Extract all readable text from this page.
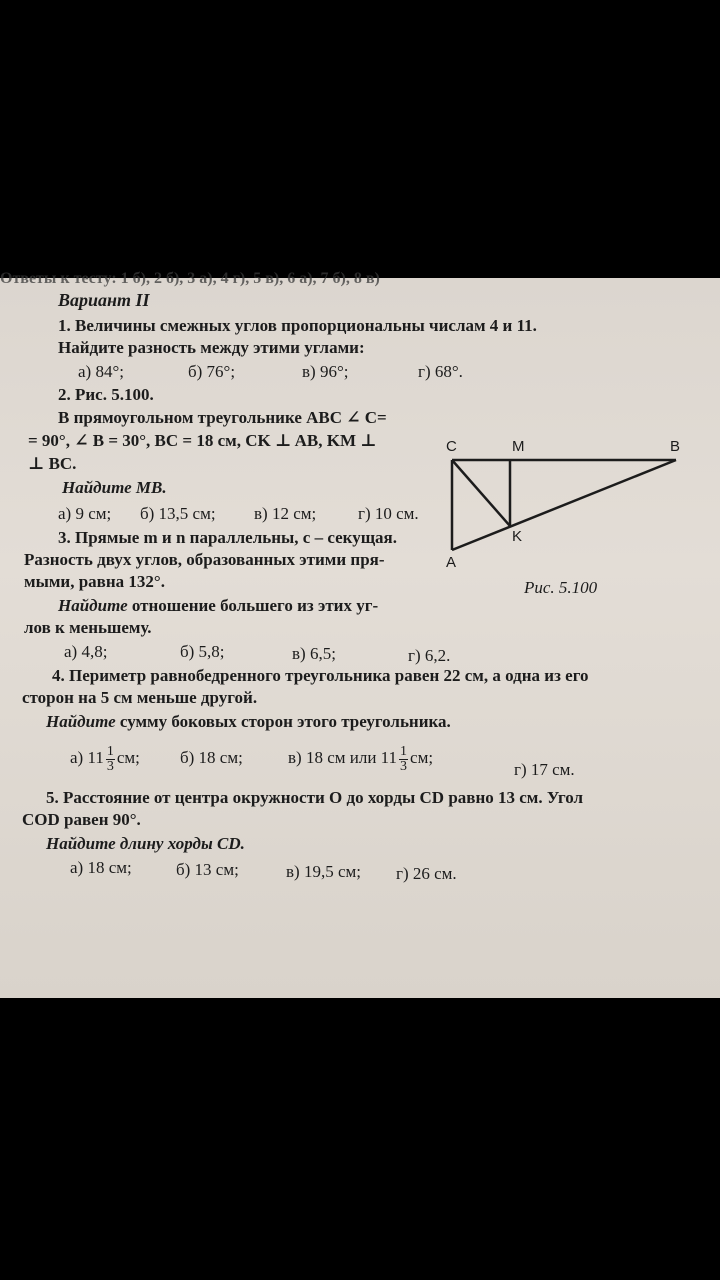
Ответы к тесту: 1 б), 2 б), 3 а), 4 г), 5 в), 6 а), 7 б), 8 в)
Вариант II
1. Величины смежных углов пропорциональны числам 4 и 11.
Найдите разность между этими углами:
а) 84°;	б) 76°;	в) 96°;	г) 68°.
2. Рис. 5.100.
В прямоугольном треугольнике ABC ∠ C=
= 90°, ∠ B = 30°, BC = 18 см, CK ⊥ AB, KM ⊥
⊥ BC.
Найдите MB.
а) 9 см; б) 13,5 см; в) 12 см; г) 10 см.
C	M	B
K
A
Рис. 5.100
3. Прямые m и n параллельны, c – секущая.
Разность двух углов, образованных этими пря-
мыми, равна 132°.
Найдите отношение большего из этих уг-
лов к меньшему.
а) 4,8;	б) 5,8;	в) 6,5;	г) 6,2.
4. Периметр равнобедренного треугольника равен 22 см, а одна из его
сторон на 5 см меньше другой.
Найдите сумму боковых сторон этого треугольника.
а) $11 \frac{1}{3}$ см; б) 18 см;	в) 18 см или $11 \frac{1}{3}$ см;
г) 17 см.
5. Расстояние от центра окружности O до хорды CD равно 13 см. Угол
COD равен 90°.
Найдите длину хорды CD.
а) 18 см;	б) 13 см;	в) 19,5 см; г) 26 см.
